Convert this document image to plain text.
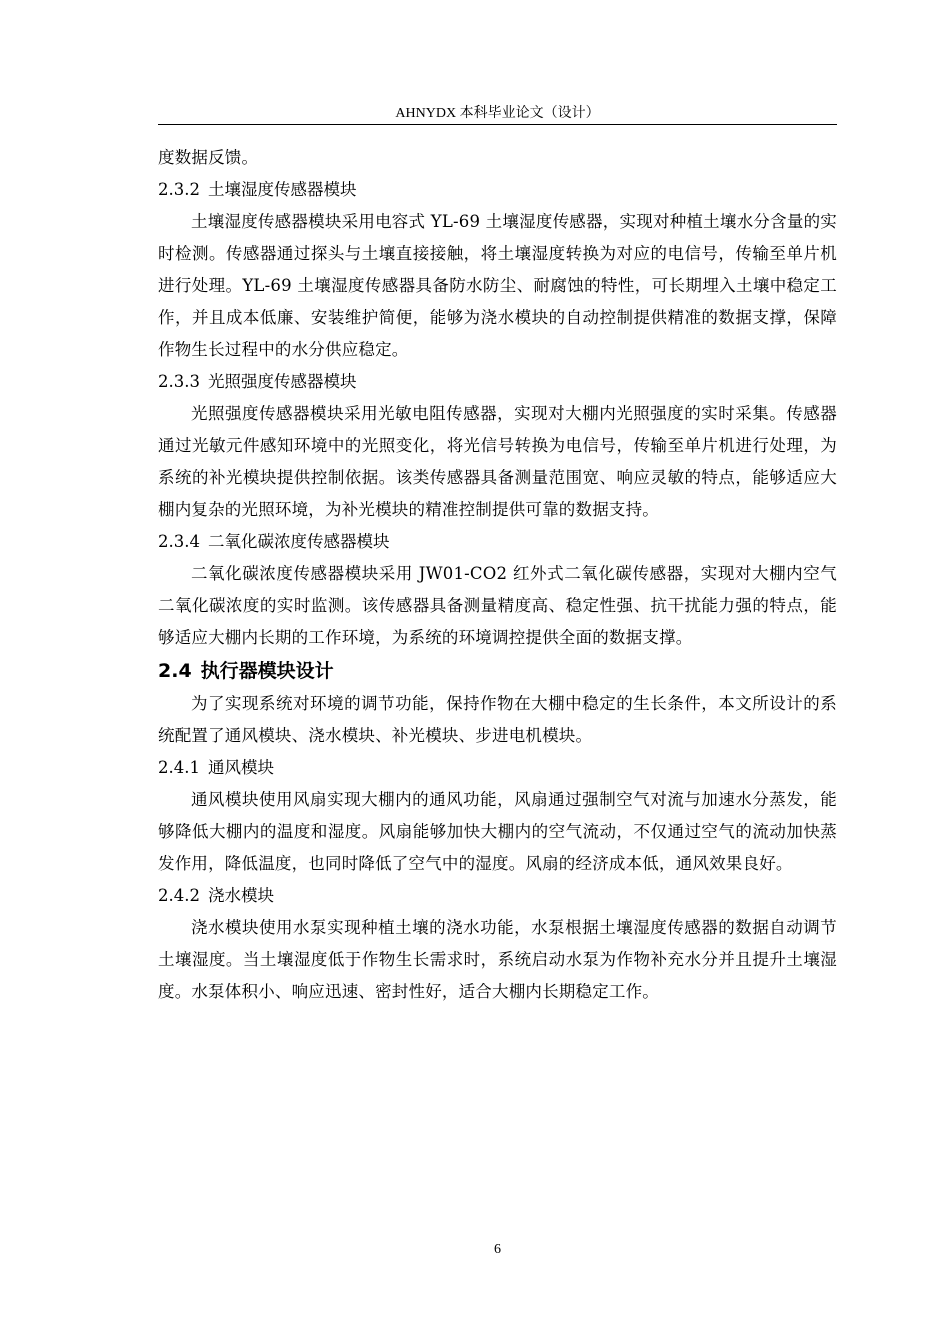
AHNYDX 本科毕业论文（设计）

度数据反馈。

2.3.2 土壤湿度传感器模块

土壤湿度传感器模块采用电容式 YL-69 土壤湿度传感器，实现对种植土壤水分含量的实时检测。传感器通过探头与土壤直接接触，将土壤湿度转换为对应的电信号，传输至单片机进行处理。YL-69 土壤湿度传感器具备防水防尘、耐腐蚀的特性，可长期埋入土壤中稳定工作，并且成本低廉、安装维护简便，能够为浇水模块的自动控制提供精准的数据支撑，保障作物生长过程中的水分供应稳定。

2.3.3 光照强度传感器模块

光照强度传感器模块采用光敏电阻传感器，实现对大棚内光照强度的实时采集。传感器通过光敏元件感知环境中的光照变化，将光信号转换为电信号，传输至单片机进行处理，为系统的补光模块提供控制依据。该类传感器具备测量范围宽、响应灵敏的特点，能够适应大棚内复杂的光照环境，为补光模块的精准控制提供可靠的数据支持。

2.3.4 二氧化碳浓度传感器模块

二氧化碳浓度传感器模块采用 JW01-CO2 红外式二氧化碳传感器，实现对大棚内空气二氧化碳浓度的实时监测。该传感器具备测量精度高、稳定性强、抗干扰能力强的特点，能够适应大棚内长期的工作环境，为系统的环境调控提供全面的数据支撑。

2.4 执行器模块设计

为了实现系统对环境的调节功能，保持作物在大棚中稳定的生长条件，本文所设计的系统配置了通风模块、浇水模块、补光模块、步进电机模块。

2.4.1 通风模块

通风模块使用风扇实现大棚内的通风功能，风扇通过强制空气对流与加速水分蒸发，能够降低大棚内的温度和湿度。风扇能够加快大棚内的空气流动，不仅通过空气的流动加快蒸发作用，降低温度，也同时降低了空气中的湿度。风扇的经济成本低，通风效果良好。

2.4.2 浇水模块

浇水模块使用水泵实现种植土壤的浇水功能，水泵根据土壤湿度传感器的数据自动调节土壤湿度。当土壤湿度低于作物生长需求时，系统启动水泵为作物补充水分并且提升土壤湿度。水泵体积小、响应迅速、密封性好，适合大棚内长期稳定工作。

6
